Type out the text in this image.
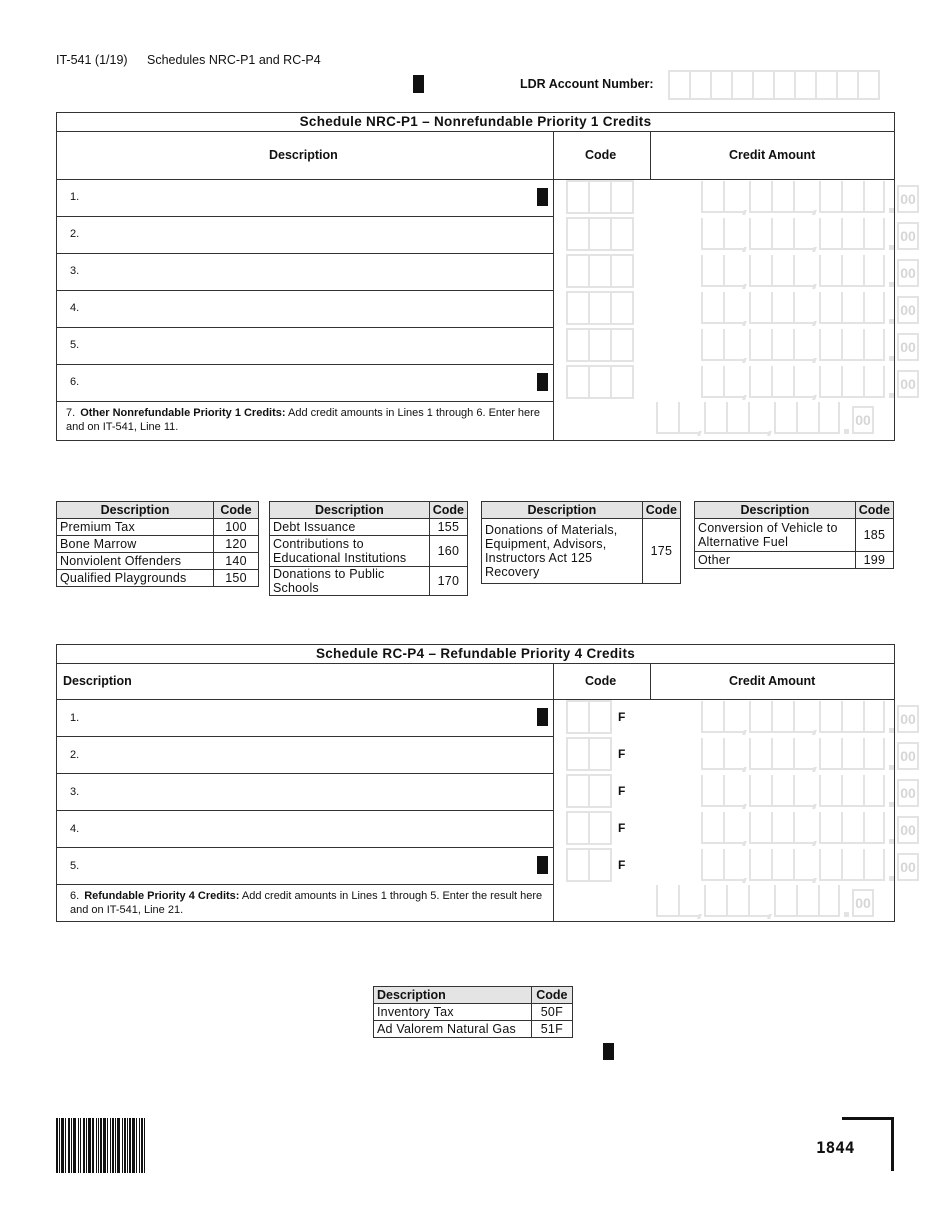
IT-541 (1/19) Schedules NRC-P1 and RC-P4
LDR Account Number:
Schedule NRC-P1 – Nonrefundable Priority 1 Credits
Description	Code	Credit Amount
1.	00
2.	00
3.	00
4.	00
5.	00
6.	00
7. Other Nonrefundable Priority 1 Credits: Add credit amounts in Lines 1 through 6. Enter here and on IT-541, Line 11.	00
Description	Code
Premium Tax	100
Bone Marrow	120
Nonviolent Offenders	140
Qualified Playgrounds	150
Description	Code
Debt Issuance	155
Contributions to Educational Institutions	160
Donations to Public Schools	170
Description	Code
Donations of Materials, Equipment, Advisors, Instructors Act 125 Recovery	175
Description	Code
Conversion of Vehicle to Alternative Fuel	185
Other	199
Schedule RC-P4 – Refundable Priority 4 Credits
Description	Code	Credit Amount
1.	F	00
2.	F	00
3.	F	00
4.	F	00
5.	F	00
6. Refundable Priority 4 Credits: Add credit amounts in Lines 1 through 5. Enter the result here and on IT-541, Line 21.	00
Description	Code
Inventory Tax	50F
Ad Valorem Natural Gas	51F
1844
